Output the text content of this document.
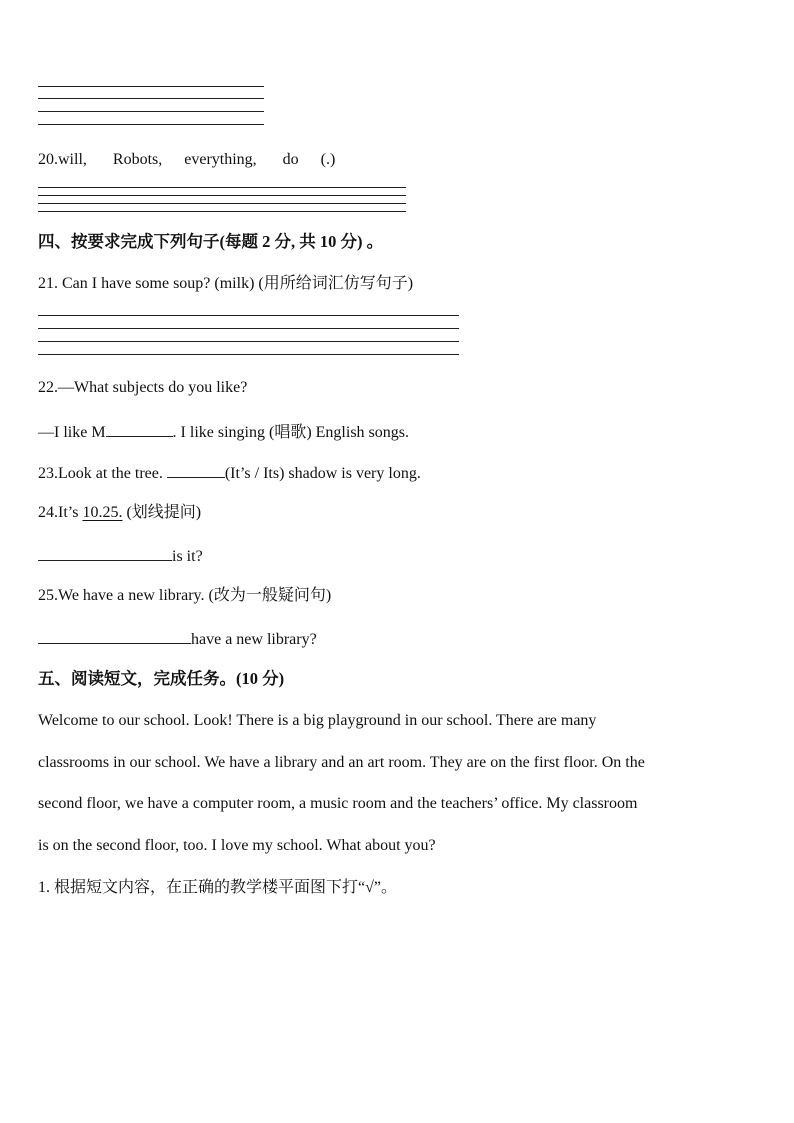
20.will, Robots, everything, do (.)
四、按要求完成下列句子(每题 2 分, 共 10 分) 。
21. Can I have some soup? (milk) (用所给词汇仿写句子)
22.—What subjects do you like?
—I like M	. I like singing (唱歌) English songs.
23.Look at the tree.	(It’s / Its) shadow is very long.
24.It’s 10.25. (划线提问)
is it?
25.We have a new library. (改为一般疑问句)
have a new library?
五、阅读短文，完成任务。(10 分)
Welcome to our school. Look! There is a big playground in our school. There are many
classrooms in our school. We have a library and an art room. They are on the first floor. On the
second floor, we have a computer room, a music room and the teachers’ office. My classroom
is on the second floor, too. I love my school. What about you?
1. 根据短文内容，在正确的教学楼平面图下打“√”。
